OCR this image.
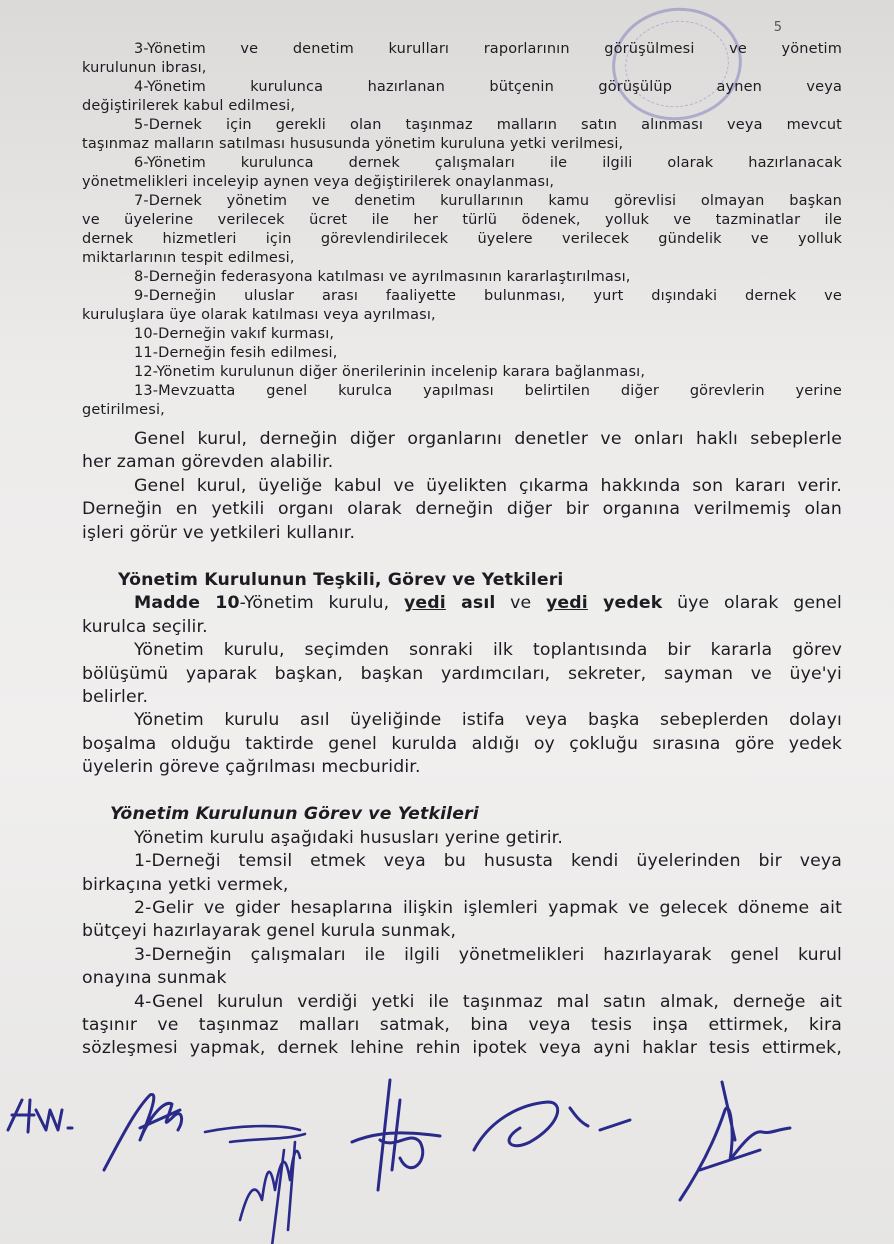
5
3-Yönetim ve denetim kurulları raporlarının görüşülmesi ve yönetim
kurulunun ibrası,
4-Yönetim kurulunca hazırlanan bütçenin görüşülüp aynen veya
değiştirilerek kabul edilmesi,
5-Dernek için gerekli olan taşınmaz malların satın alınması veya mevcut
taşınmaz malların satılması hususunda yönetim kuruluna yetki verilmesi,
6-Yönetim kurulunca dernek çalışmaları ile ilgili olarak hazırlanacak
yönetmelikleri inceleyip aynen veya değiştirilerek onaylanması,
7-Dernek yönetim ve denetim kurullarının kamu görevlisi olmayan başkan
ve üyelerine verilecek ücret ile her türlü ödenek, yolluk ve tazminatlar ile
dernek hizmetleri için görevlendirilecek üyelere verilecek gündelik ve yolluk
miktarlarının tespit edilmesi,
8-Derneğin federasyona katılması ve ayrılmasının kararlaştırılması,
9-Derneğin uluslar arası faaliyette bulunması, yurt dışındaki dernek ve
kuruluşlara üye olarak katılması veya ayrılması,
10-Derneğin vakıf kurması,
11-Derneğin fesih edilmesi,
12-Yönetim kurulunun diğer önerilerinin incelenip karara bağlanması,
13-Mevzuatta genel kurulca yapılması belirtilen diğer görevlerin yerine
getirilmesi,
Genel kurul, derneğin diğer organlarını denetler ve onları haklı sebeplerle
her zaman görevden alabilir.
Genel kurul, üyeliğe kabul ve üyelikten çıkarma hakkında son kararı verir.
Derneğin en yetkili organı olarak derneğin diğer bir organına verilmemiş olan
işleri görür ve yetkileri kullanır.
Yönetim Kurulunun Teşkili, Görev ve Yetkileri
Madde 10-Yönetim kurulu, yedi asıl ve yedi yedek üye olarak genel
kurulca seçilir.
Yönetim kurulu, seçimden sonraki ilk toplantısında bir kararla görev
bölüşümü yaparak başkan, başkan yardımcıları, sekreter, sayman ve üye'yi
belirler.
Yönetim kurulu asıl üyeliğinde istifa veya başka sebeplerden dolayı
boşalma olduğu taktirde genel kurulda aldığı oy çokluğu sırasına göre yedek
üyelerin göreve çağrılması mecburidir.
Yönetim Kurulunun Görev ve Yetkileri
Yönetim kurulu aşağıdaki hususları yerine getirir.
1-Derneği temsil etmek veya bu hususta kendi üyelerinden bir veya
birkaçına yetki vermek,
2-Gelir ve gider hesaplarına ilişkin işlemleri yapmak ve gelecek döneme ait
bütçeyi hazırlayarak genel kurula sunmak,
3-Derneğin çalışmaları ile ilgili yönetmelikleri hazırlayarak genel kurul
onayına sunmak
4-Genel kurulun verdiği yetki ile taşınmaz mal satın almak, derneğe ait
taşınır ve taşınmaz malları satmak, bina veya tesis inşa ettirmek, kira
sözleşmesi yapmak, dernek lehine rehin ipotek veya ayni haklar tesis ettirmek,
